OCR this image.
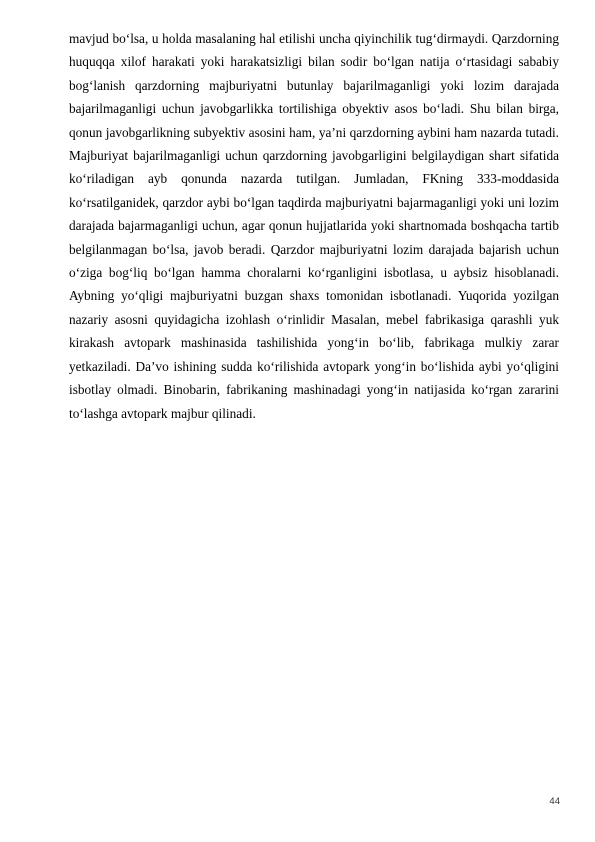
mavjud bo‘lsa, u holda masalaning hal etilishi uncha qiyinchilik tug‘dirmaydi. Qarzdorning huquqqa xilof harakati yoki harakatsizligi bilan sodir bo‘lgan natija o‘rtasidagi sababiy bog‘lanish qarzdorning majburiyatni butunlay bajarilmaganligi yoki lozim darajada bajarilmaganligi uchun javobgarlikka tortilishiga obyektiv asos bo‘ladi. Shu bilan birga, qonun javobgarlikning subyektiv asosini ham, ya’ni qarzdorning aybini ham nazarda tutadi. Majburiyat bajarilmaganligi uchun qarzdorning javobgarligini belgilaydigan shart sifatida ko‘riladigan ayb qonunda nazarda tutilgan. Jumladan, FKning 333-moddasida ko‘rsatilganidek, qarzdor aybi bo‘lgan taqdirda majburiyatni bajarmaganligi yoki uni lozim darajada bajarmaganligi uchun, agar qonun hujjatlarida yoki shartnomada boshqacha tartib belgilanmagan bo‘lsa, javob beradi. Qarzdor majburiyatni lozim darajada bajarish uchun o‘ziga bog‘liq bo‘lgan hamma choralarni ko‘rganligini isbotlasa, u aybsiz hisoblanadi. Aybning yo‘qligi majburiyatni buzgan shaxs tomonidan isbotlanadi. Yuqorida yozilgan nazariy asosni quyidagicha izohlash o‘rinlidir Masalan, mebel fabrikasiga qarashli yuk kirakash avtopark mashinasida tashilishida yong‘in bo‘lib, fabrikaga mulkiy zarar yetkaziladi. Da’vo ishining sudda ko‘rilishida avtopark yong‘in bo‘lishida aybi yo‘qligini isbotlay olmadi. Binobarin, fabrikaning mashinadagi yong‘in natijasida ko‘rgan zararini to‘lashga avtopark majbur qilinadi.

44
